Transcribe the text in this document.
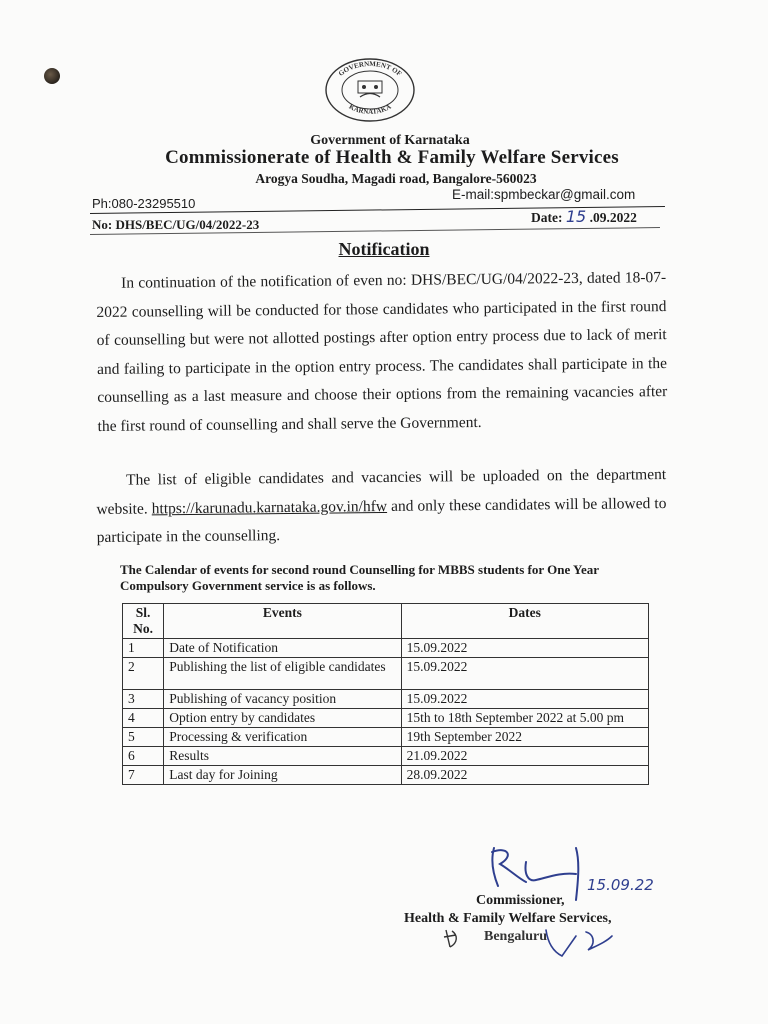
GOVERNMENT OF
KARNATAKA
Government of Karnataka
Commissionerate of Health & Family Welfare Services
Arogya Soudha, Magadi road, Bangalore-560023
Ph:080-23295510
E-mail:spmbeckar@gmail.com
No: DHS/BEC/UG/04/2022-23	Date: 15 .09.2022
Notification
In continuation of the notification of even no: DHS/BEC/UG/04/2022-23, dated 18-07-2022 counselling will be conducted for those candidates who participated in the first round of counselling but were not allotted postings after option entry process due to lack of merit and failing to participate in the option entry process. The candidates shall participate in the counselling as a last measure and choose their options from the remaining vacancies after the first round of counselling and shall serve the Government.
The list of eligible candidates and vacancies will be uploaded on the department website. https://karunadu.karnataka.gov.in/hfw and only these candidates will be allowed to participate in the counselling.
The Calendar of events for second round Counselling for MBBS students for One Year Compulsory Government service is as follows.
Sl. No.	Events	Dates
1	Date of Notification	15.09.2022
2	Publishing the list of eligible candidates	15.09.2022
3	Publishing of vacancy position	15.09.2022
4	Option entry by candidates	15th to 18th September 2022 at 5.00 pm
5	Processing & verification	19th September 2022
6	Results	21.09.2022
7	Last day for Joining	28.09.2022
15.09.22
Commissioner,
Health & Family Welfare Services,
Bengaluru
